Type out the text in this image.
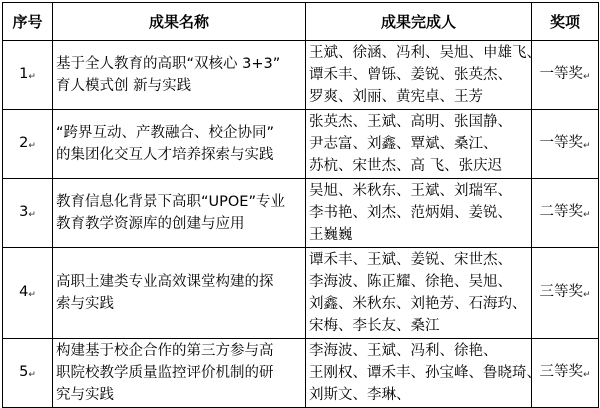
序号	成果名称	成果完成人	奖项
1↵	基于全人教育的高职“双核心 3+3”
育人模式创 新与实践	王斌、徐涵、冯利、吴旭、申雄飞、
谭禾丰、曾铄、姜锐、张英杰、
罗爽、刘丽、黄宪卓、王芳	一等奖↵
2↵	“跨界互动、产教融合、校企协同”
的集团化交互人才培养探索与实践	张英杰、王斌、高明、张国静、
尹志富、刘鑫、覃斌、桑江、
苏杭、宋世杰、高 飞、张庆迟	一等奖↵
3↵	教育信息化背景下高职“UPOE”专业
教育教学资源库的创建与应用	吴旭、米秋东、王斌、刘瑞军、
李书艳、刘杰、范炳娟、姜锐、
王巍巍	二等奖↵
4↵	高职土建类专业高效课堂构建的探
索与实践	谭禾丰、王斌、姜锐、宋世杰、
李海波、陈正耀、徐艳、吴旭、
刘鑫、米秋东、刘艳芳、石海玓、
宋梅、李长友、桑江	三等奖↵
5↵	构建基于校企合作的第三方参与高
职院校教学质量监控评价机制的研
究与实践	李海波、王斌、冯利、徐艳、
王刚权、谭禾丰、孙宝峰、鲁晓琦、
刘斯文、李琳、	三等奖↵
